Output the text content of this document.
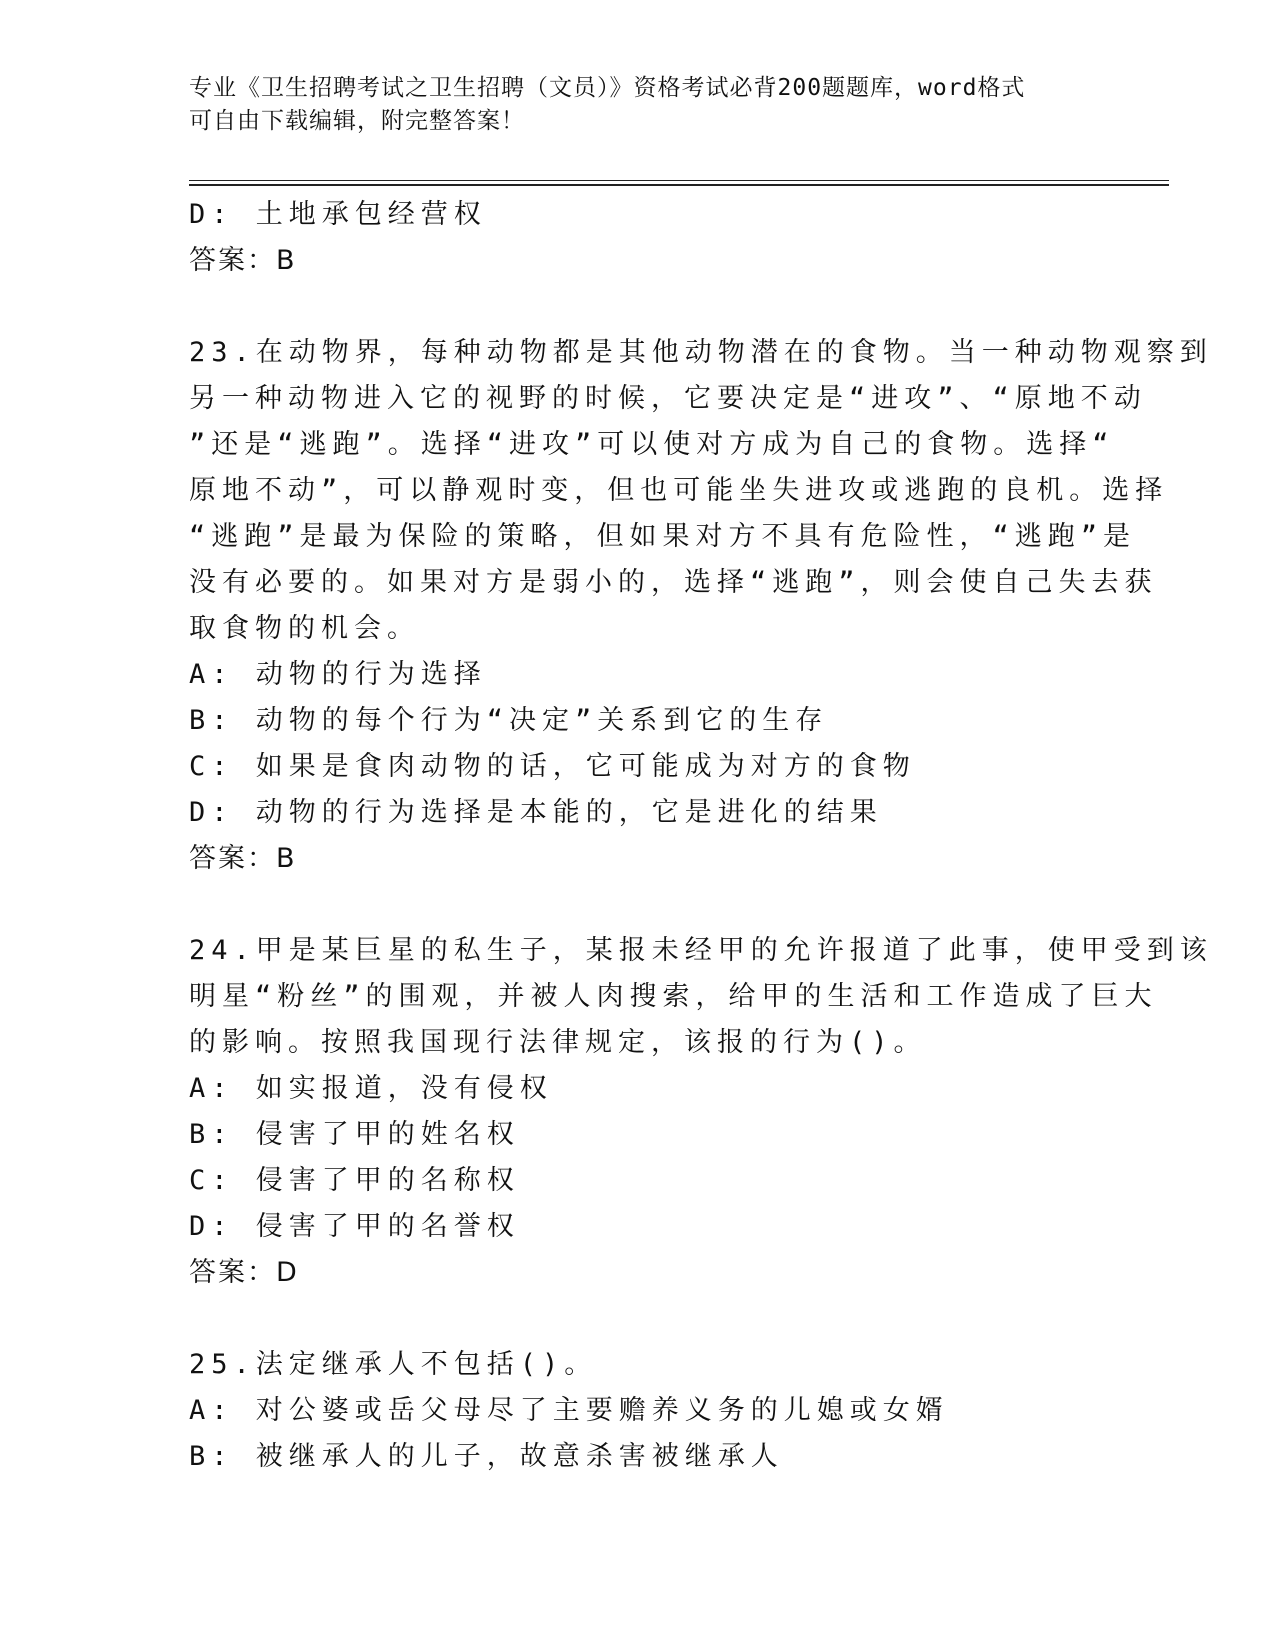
专业《卫生招聘考试之卫生招聘（文员）》资格考试必背200题题库，word格式
可自由下载编辑，附完整答案！
D: 土地承包经营权
答案：B
23.在动物界，每种动物都是其他动物潜在的食物。当一种动物观察到
另一种动物进入它的视野的时候，它要决定是“进攻”、“原地不动
”还是“逃跑”。选择“进攻”可以使对方成为自己的食物。选择“
原地不动”，可以静观时变，但也可能坐失进攻或逃跑的良机。选择
“逃跑”是最为保险的策略，但如果对方不具有危险性，“逃跑”是
没有必要的。如果对方是弱小的，选择“逃跑”，则会使自己失去获
取食物的机会。
A: 动物的行为选择
B: 动物的每个行为“决定”关系到它的生存
C: 如果是食肉动物的话，它可能成为对方的食物
D: 动物的行为选择是本能的，它是进化的结果
答案：B
24.甲是某巨星的私生子，某报未经甲的允许报道了此事，使甲受到该
明星“粉丝”的围观，并被人肉搜索，给甲的生活和工作造成了巨大
的影响。按照我国现行法律规定，该报的行为()。
A: 如实报道，没有侵权
B: 侵害了甲的姓名权
C: 侵害了甲的名称权
D: 侵害了甲的名誉权
答案：D
25.法定继承人不包括()。
A: 对公婆或岳父母尽了主要赡养义务的儿媳或女婿
B: 被继承人的儿子，故意杀害被继承人
